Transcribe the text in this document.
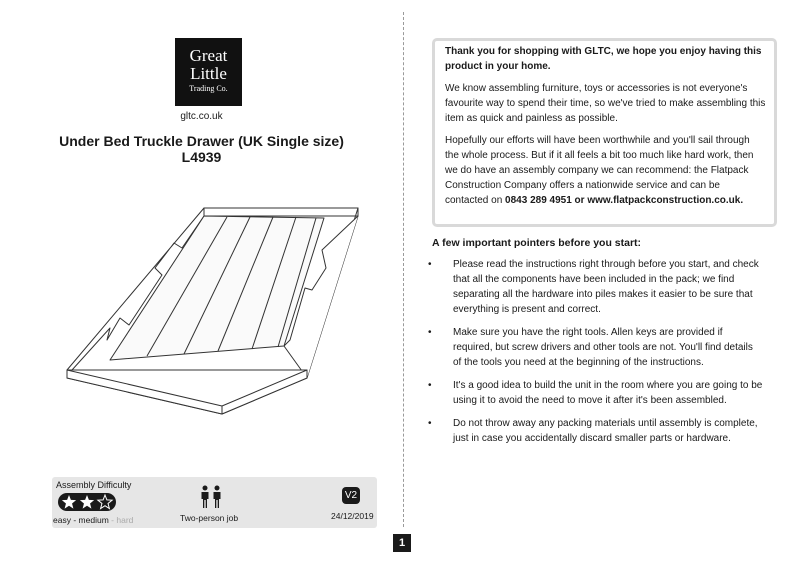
Great
Little
Trading Co.
gltc.co.uk
Under Bed Truckle Drawer (UK Single size)
L4939
Assembly Difficulty
easy - medium - hard	Two-person job
V2
24/12/2019
1

Thank you for shopping with GLTC, we hope you enjoy having this product in your home.

We know assembling furniture, toys or accessories is not everyone's favourite way to spend their time, so we've tried to make assembling this item as quick and painless as possible.

Hopefully our efforts will have been worthwhile and you'll sail through the whole process. But if it all feels a bit too much like hard work, then we do have an assembly company we can recommend: the Flatpack Construction Company offers a nationwide service and can be contacted on 0843 289 4951 or www.flatpackconstruction.co.uk.

A few important pointers before you start:
• Please read the instructions right through before you start, and check that all the components have been included in the pack; we find separating all the hardware into piles makes it easier to be sure that everything is present and correct.
• Make sure you have the right tools. Allen keys are provided if required, but screw drivers and other tools are not. You'll find details of the tools you need at the beginning of the instructions.
• It's a good idea to build the unit in the room where you are going to be using it to avoid the need to move it after it's been assembled.
• Do not throw away any packing materials until assembly is complete, just in case you accidentally discard smaller parts or hardware.
